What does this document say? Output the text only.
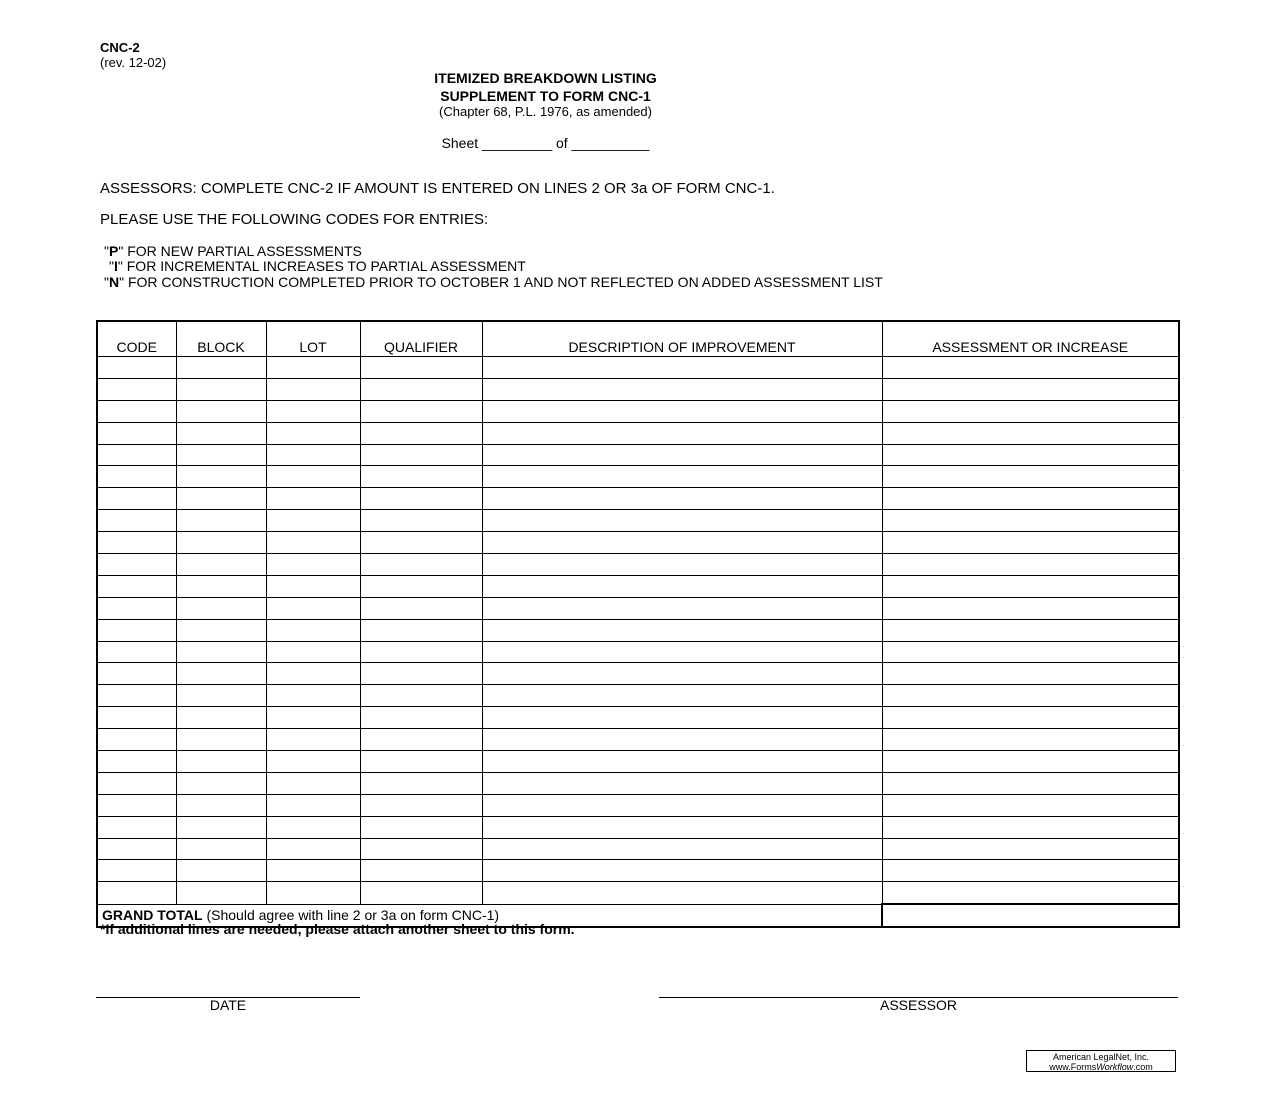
CNC-2
(rev. 12-02)
ITEMIZED BREAKDOWN LISTING
SUPPLEMENT TO FORM CNC-1
(Chapter 68, P.L. 1976, as amended)
Sheet _________ of __________
ASSESSORS: COMPLETE CNC-2 IF AMOUNT IS ENTERED ON LINES 2 OR 3a OF FORM CNC-1.
PLEASE USE THE FOLLOWING CODES FOR ENTRIES:
"P" FOR NEW PARTIAL ASSESSMENTS
"I" FOR INCREMENTAL INCREASES TO PARTIAL ASSESSMENT
"N" FOR CONSTRUCTION COMPLETED PRIOR TO OCTOBER 1 AND NOT REFLECTED ON ADDED ASSESSMENT LIST
CODE	BLOCK	LOT	QUALIFIER	DESCRIPTION OF IMPROVEMENT	ASSESSMENT OR INCREASE

GRAND TOTAL (Should agree with line 2 or 3a on form CNC-1)					
*If additional lines are needed, please attach another sheet to this form.
DATE	ASSESSOR
American LegalNet, Inc.
www.FormsWorkflow.com
